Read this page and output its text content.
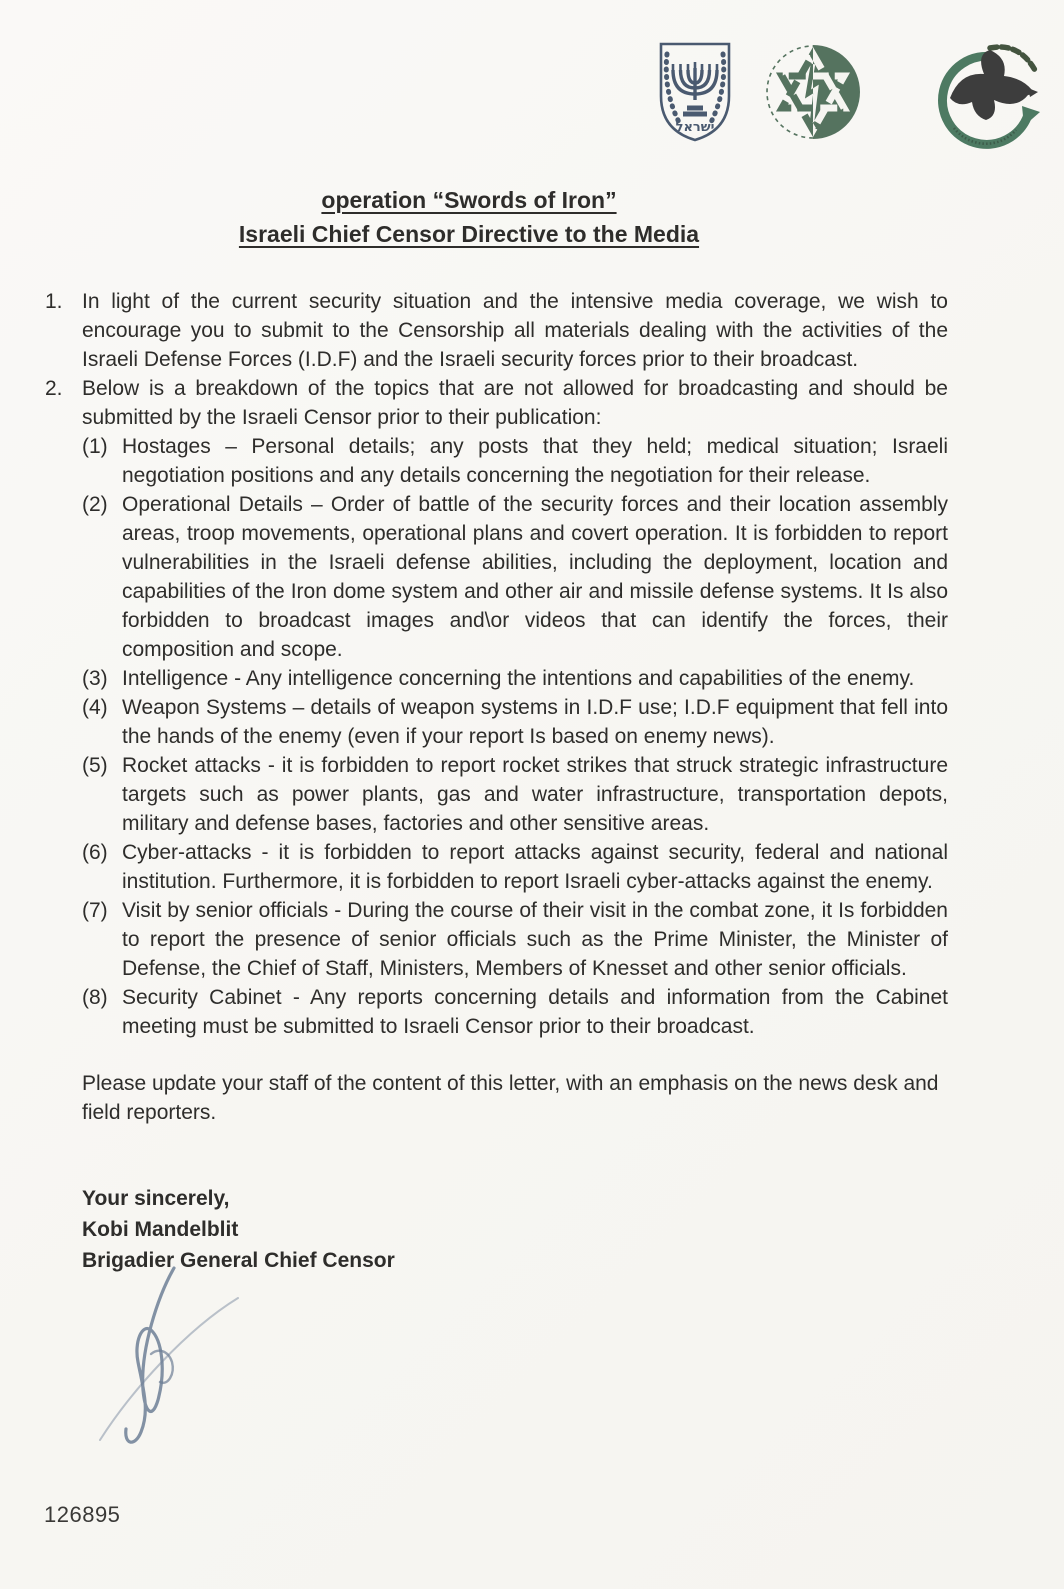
ישראל
operation “Swords of Iron”
Israeli Chief Censor Directive to the Media
1. In light of the current security situation and the intensive media coverage, we wish to encourage you to submit to the Censorship all materials dealing with the activities of the Israeli Defense Forces (I.D.F) and the Israeli security forces prior to their broadcast.
2. Below is a breakdown of the topics that are not allowed for broadcasting and should be submitted by the Israeli Censor prior to their publication:
(1) Hostages – Personal details; any posts that they held; medical situation; Israeli negotiation positions and any details concerning the negotiation for their release.
(2) Operational Details – Order of battle of the security forces and their location assembly areas, troop movements, operational plans and covert operation. It is forbidden to report vulnerabilities in the Israeli defense abilities, including the deployment, location and capabilities of the Iron dome system and other air and missile defense systems. It Is also forbidden to broadcast images and\or videos that can identify the forces, their composition and scope.
(3) Intelligence - Any intelligence concerning the intentions and capabilities of the enemy.
(4) Weapon Systems – details of weapon systems in I.D.F use; I.D.F equipment that fell into the hands of the enemy (even if your report Is based on enemy news).
(5) Rocket attacks - it is forbidden to report rocket strikes that struck strategic infrastructure targets such as power plants, gas and water infrastructure, transportation depots, military and defense bases, factories and other sensitive areas.
(6) Cyber-attacks - it is forbidden to report attacks against security, federal and national institution. Furthermore, it is forbidden to report Israeli cyber-attacks against the enemy.
(7) Visit by senior officials - During the course of their visit in the combat zone, it Is forbidden to report the presence of senior officials such as the Prime Minister, the Minister of Defense, the Chief of Staff, Ministers, Members of Knesset and other senior officials.
(8) Security Cabinet - Any reports concerning details and information from the Cabinet meeting must be submitted to Israeli Censor prior to their broadcast.
Please update your staff of the content of this letter, with an emphasis on the news desk and field reporters.
Your sincerely,
Kobi Mandelblit
Brigadier General Chief Censor
126895
